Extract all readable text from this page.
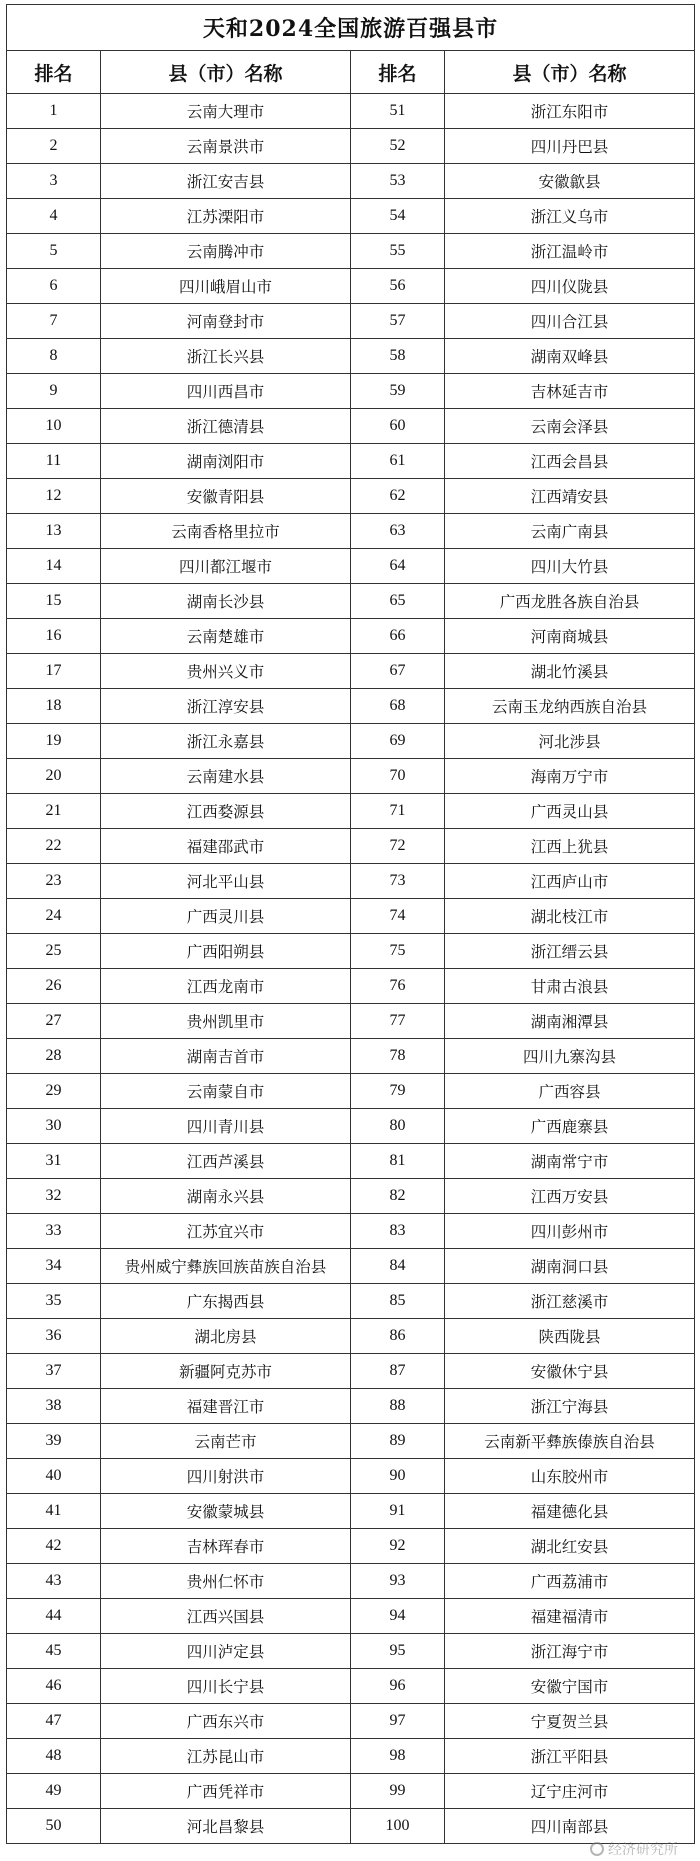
天和2024全国旅游百强县市			
排名	县（市）名称	排名	县（市）名称
1	云南大理市	51	浙江东阳市
2	云南景洪市	52	四川丹巴县
3	浙江安吉县	53	安徽歙县
4	江苏溧阳市	54	浙江义乌市
5	云南腾冲市	55	浙江温岭市
6	四川峨眉山市	56	四川仪陇县
7	河南登封市	57	四川合江县
8	浙江长兴县	58	湖南双峰县
9	四川西昌市	59	吉林延吉市
10	浙江德清县	60	云南会泽县
11	湖南浏阳市	61	江西会昌县
12	安徽青阳县	62	江西靖安县
13	云南香格里拉市	63	云南广南县
14	四川都江堰市	64	四川大竹县
15	湖南长沙县	65	广西龙胜各族自治县
16	云南楚雄市	66	河南商城县
17	贵州兴义市	67	湖北竹溪县
18	浙江淳安县	68	云南玉龙纳西族自治县
19	浙江永嘉县	69	河北涉县
20	云南建水县	70	海南万宁市
21	江西婺源县	71	广西灵山县
22	福建邵武市	72	江西上犹县
23	河北平山县	73	江西庐山市
24	广西灵川县	74	湖北枝江市
25	广西阳朔县	75	浙江缙云县
26	江西龙南市	76	甘肃古浪县
27	贵州凯里市	77	湖南湘潭县
28	湖南吉首市	78	四川九寨沟县
29	云南蒙自市	79	广西容县
30	四川青川县	80	广西鹿寨县
31	江西芦溪县	81	湖南常宁市
32	湖南永兴县	82	江西万安县
33	江苏宜兴市	83	四川彭州市
34	贵州威宁彝族回族苗族自治县	84	湖南洞口县
35	广东揭西县	85	浙江慈溪市
36	湖北房县	86	陕西陇县
37	新疆阿克苏市	87	安徽休宁县
38	福建晋江市	88	浙江宁海县
39	云南芒市	89	云南新平彝族傣族自治县
40	四川射洪市	90	山东胶州市
41	安徽蒙城县	91	福建德化县
42	吉林珲春市	92	湖北红安县
43	贵州仁怀市	93	广西荔浦市
44	江西兴国县	94	福建福清市
45	四川泸定县	95	浙江海宁市
46	四川长宁县	96	安徽宁国市
47	广西东兴市	97	宁夏贺兰县
48	江苏昆山市	98	浙江平阳县
49	广西凭祥市	99	辽宁庄河市
50	河北昌黎县	100	四川南部县
经济研究所
